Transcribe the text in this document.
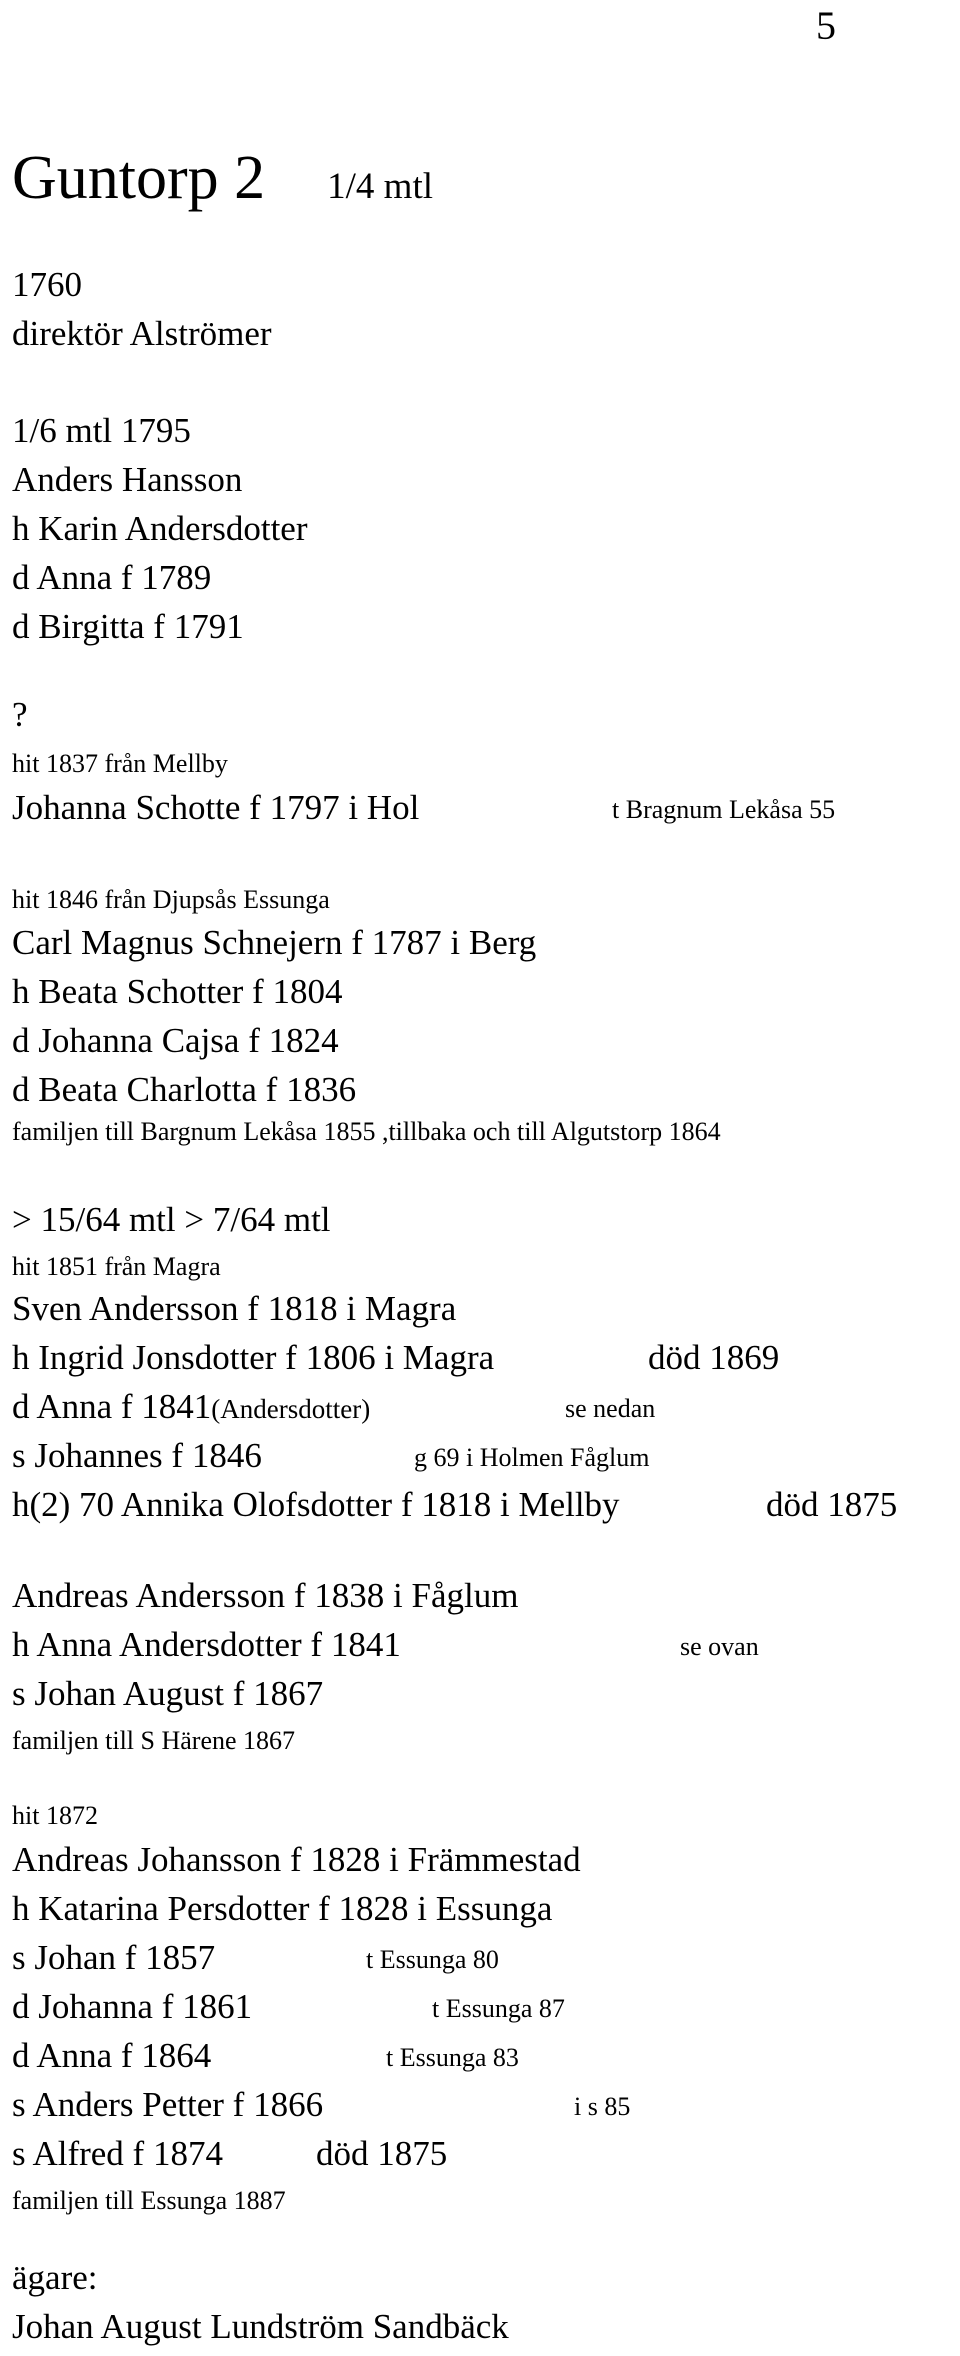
5
Guntorp 2 1/4 mtl
1760
direktör Alströmer
1/6 mtl 1795
Anders Hansson
h Karin Andersdotter
d Anna f 1789
d Birgitta f 1791
?
hit 1837 från Mellby
Johanna Schotte f 1797 i Hol	t Bragnum Lekåsa 55
hit 1846 från Djupsås Essunga
Carl Magnus Schnejern f 1787 i Berg
h Beata Schotter f 1804
d Johanna Cajsa f 1824
d Beata Charlotta f 1836
familjen till Bargnum Lekåsa 1855 ,tillbaka och till Algutstorp 1864
> 15/64 mtl > 7/64 mtl
hit 1851 från Magra
Sven Andersson f 1818 i Magra
h Ingrid Jonsdotter f 1806 i Magra	död 1869
d Anna f 1841(Andersdotter)	se nedan
s Johannes f 1846	g 69 i Holmen Fåglum
h(2) 70 Annika Olofsdotter f 1818 i Mellby	död 1875
Andreas Andersson f 1838 i Fåglum
h Anna Andersdotter f 1841	se ovan
s Johan August f 1867
familjen till S Härene 1867
hit 1872
Andreas Johansson f 1828 i Främmestad
h Katarina Persdotter f 1828 i Essunga
s Johan f 1857	t Essunga 80
d Johanna f 1861	t Essunga 87
d Anna f 1864	t Essunga 83
s Anders Petter f 1866	i s 85
s Alfred f 1874	död 1875
familjen till Essunga 1887
ägare:
Johan August Lundström Sandbäck
